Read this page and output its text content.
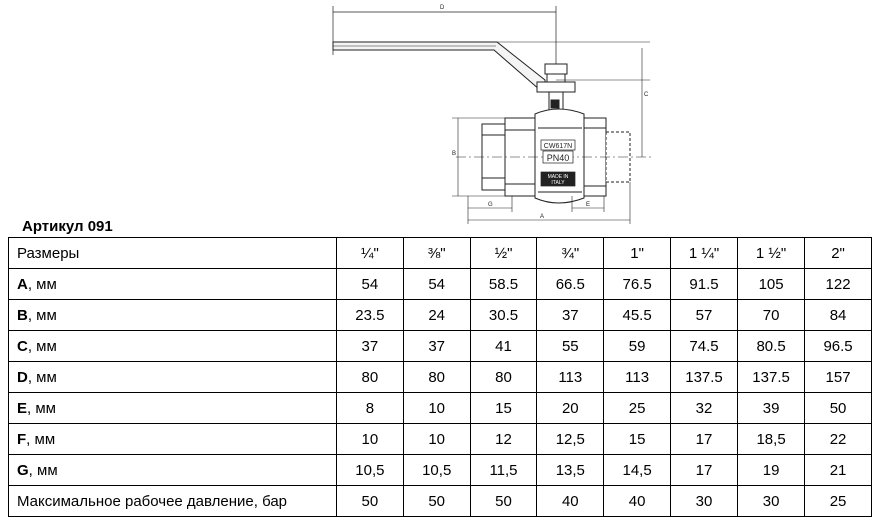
D
C
B
G
A
E
CW617N
PN40
MADE IN
ITALY
Артикул 091
Размеры	¼"	⅜"	½"	¾"	1"	1 ¼"	1 ½"	2"
A, мм	54	54	58.5	66.5	76.5	91.5	105	122
B, мм	23.5	24	30.5	37	45.5	57	70	84
C, мм	37	37	41	55	59	74.5	80.5	96.5
D, мм	80	80	80	113	113	137.5	137.5	157
E, мм	8	10	15	20	25	32	39	50
F, мм	10	10	12	12,5	15	17	18,5	22
G, мм	10,5	10,5	11,5	13,5	14,5	17	19	21
Максимальное рабочее давление, бар	50	50	50	40	40	30	30	25
